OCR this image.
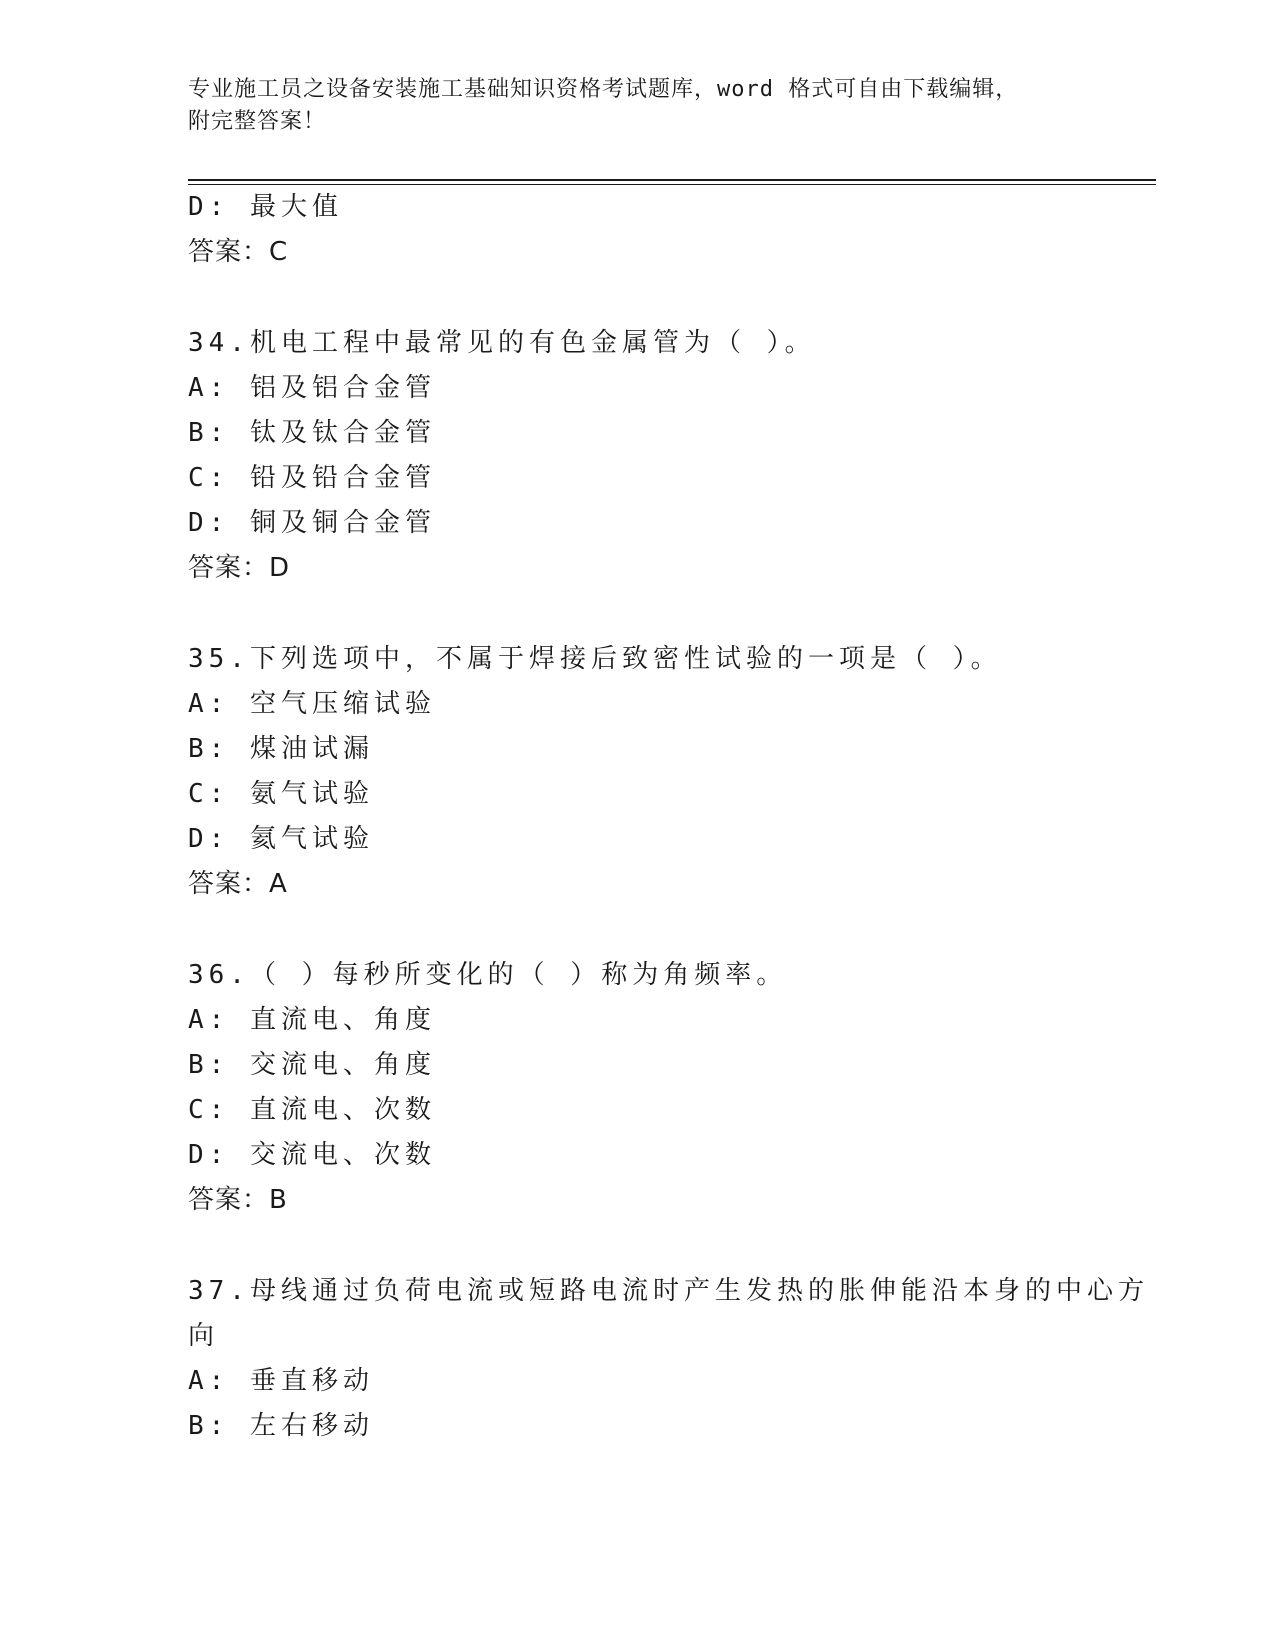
专业施工员之设备安装施工基础知识资格考试题库，word 格式可自由下载编辑，
附完整答案！
D: 最大值
答案：C
34.机电工程中最常见的有色金属管为（ ）。
A: 铝及铝合金管
B: 钛及钛合金管
C: 铅及铅合金管
D: 铜及铜合金管
答案：D
35.下列选项中，不属于焊接后致密性试验的一项是（ ）。
A: 空气压缩试验
B: 煤油试漏
C: 氨气试验
D: 氦气试验
答案：A
36.（ ）每秒所变化的（ ）称为角频率。
A: 直流电、角度
B: 交流电、角度
C: 直流电、次数
D: 交流电、次数
答案：B
37.母线通过负荷电流或短路电流时产生发热的胀伸能沿本身的中心方
向
A: 垂直移动
B: 左右移动
